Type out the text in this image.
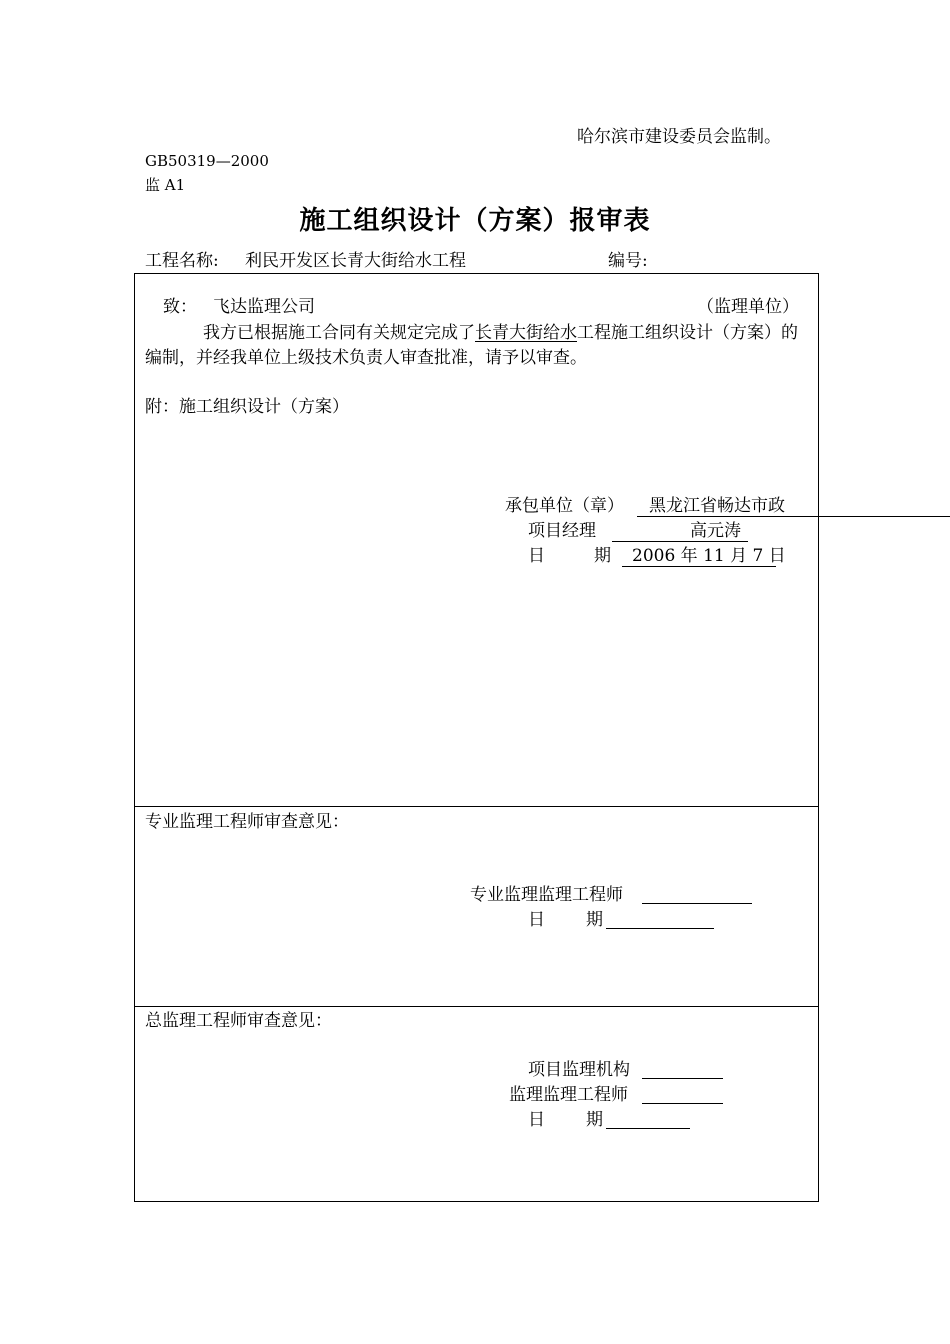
哈尔滨市建设委员会监制。
GB50319—2000
监 A1
施工组织设计（方案）报审表
工程名称: 利民开发区长青大街给水工程	编号:
致： 飞达监理公司	（监理单位）
我方已根据施工合同有关规定完成了长青大街给水工程施工组织设计（方案）的编制，并经我单位上级技术负责人审查批准，请予以审查。
附：施工组织设计（方案）
承包单位（章） 黑龙江省畅达市政
项目经理	高元涛
日	期 2006 年 11 月 7 日
专业监理工程师审查意见：
专业监理监理工程师
日 期
总监理工程师审查意见：
项目监理机构
监理监理工程师
日 期
